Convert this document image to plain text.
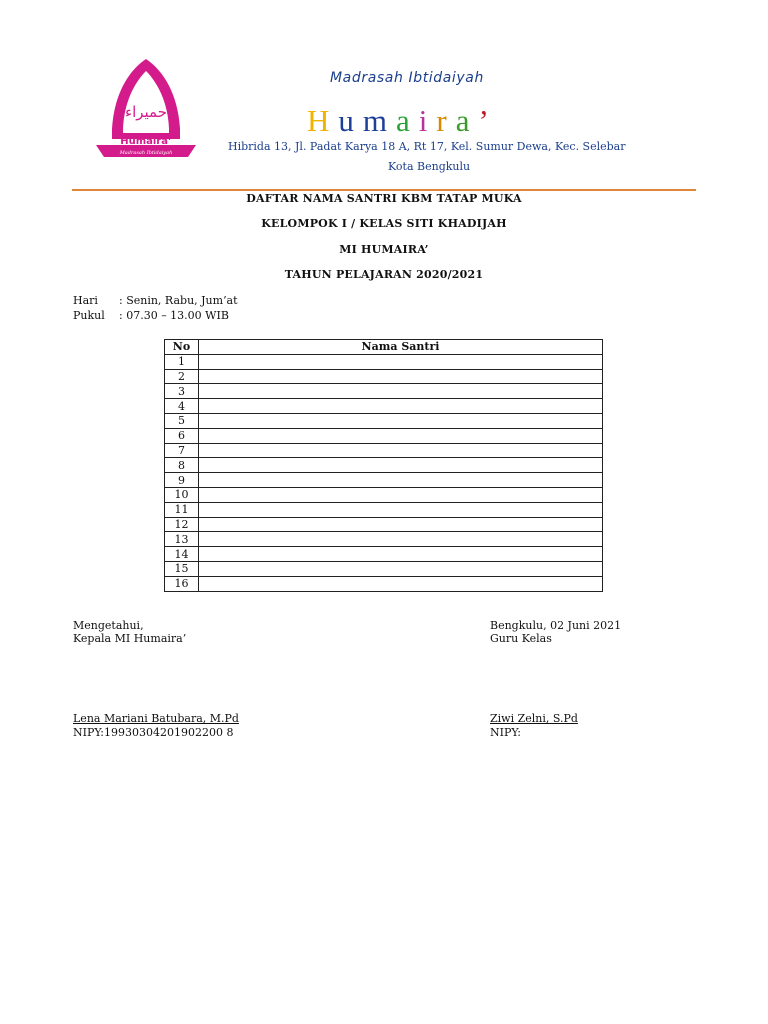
حميراء
Humaira’
Madrasah Ibtidaiyah
Madrasah Ibtidaiyah
Humaira’
Hibrida 13, Jl. Padat Karya 18 A, Rt 17, Kel. Sumur Dewa, Kec. Selebar
Kota Bengkulu
DAFTAR NAMA SANTRI KBM TATAP MUKA
KELOMPOK I / KELAS SITI KHADIJAH
MI HUMAIRA’
TAHUN PELAJARAN 2020/2021
Hari : Senin, Rabu, Jum’at
Pukul : 07.30 – 13.00 WIB
No	Nama Santri
1	
2	
3	
4	
5	
6	
7	
8	
9	
10	
11	
12	
13	
14	
15	
16	
Mengetahui,
Kepala MI Humaira’
Bengkulu, 02 Juni 2021
Guru Kelas
Lena Mariani Batubara, M.Pd
NIPY:19930304201902200 8
Ziwi Zelni, S.Pd
NIPY:
